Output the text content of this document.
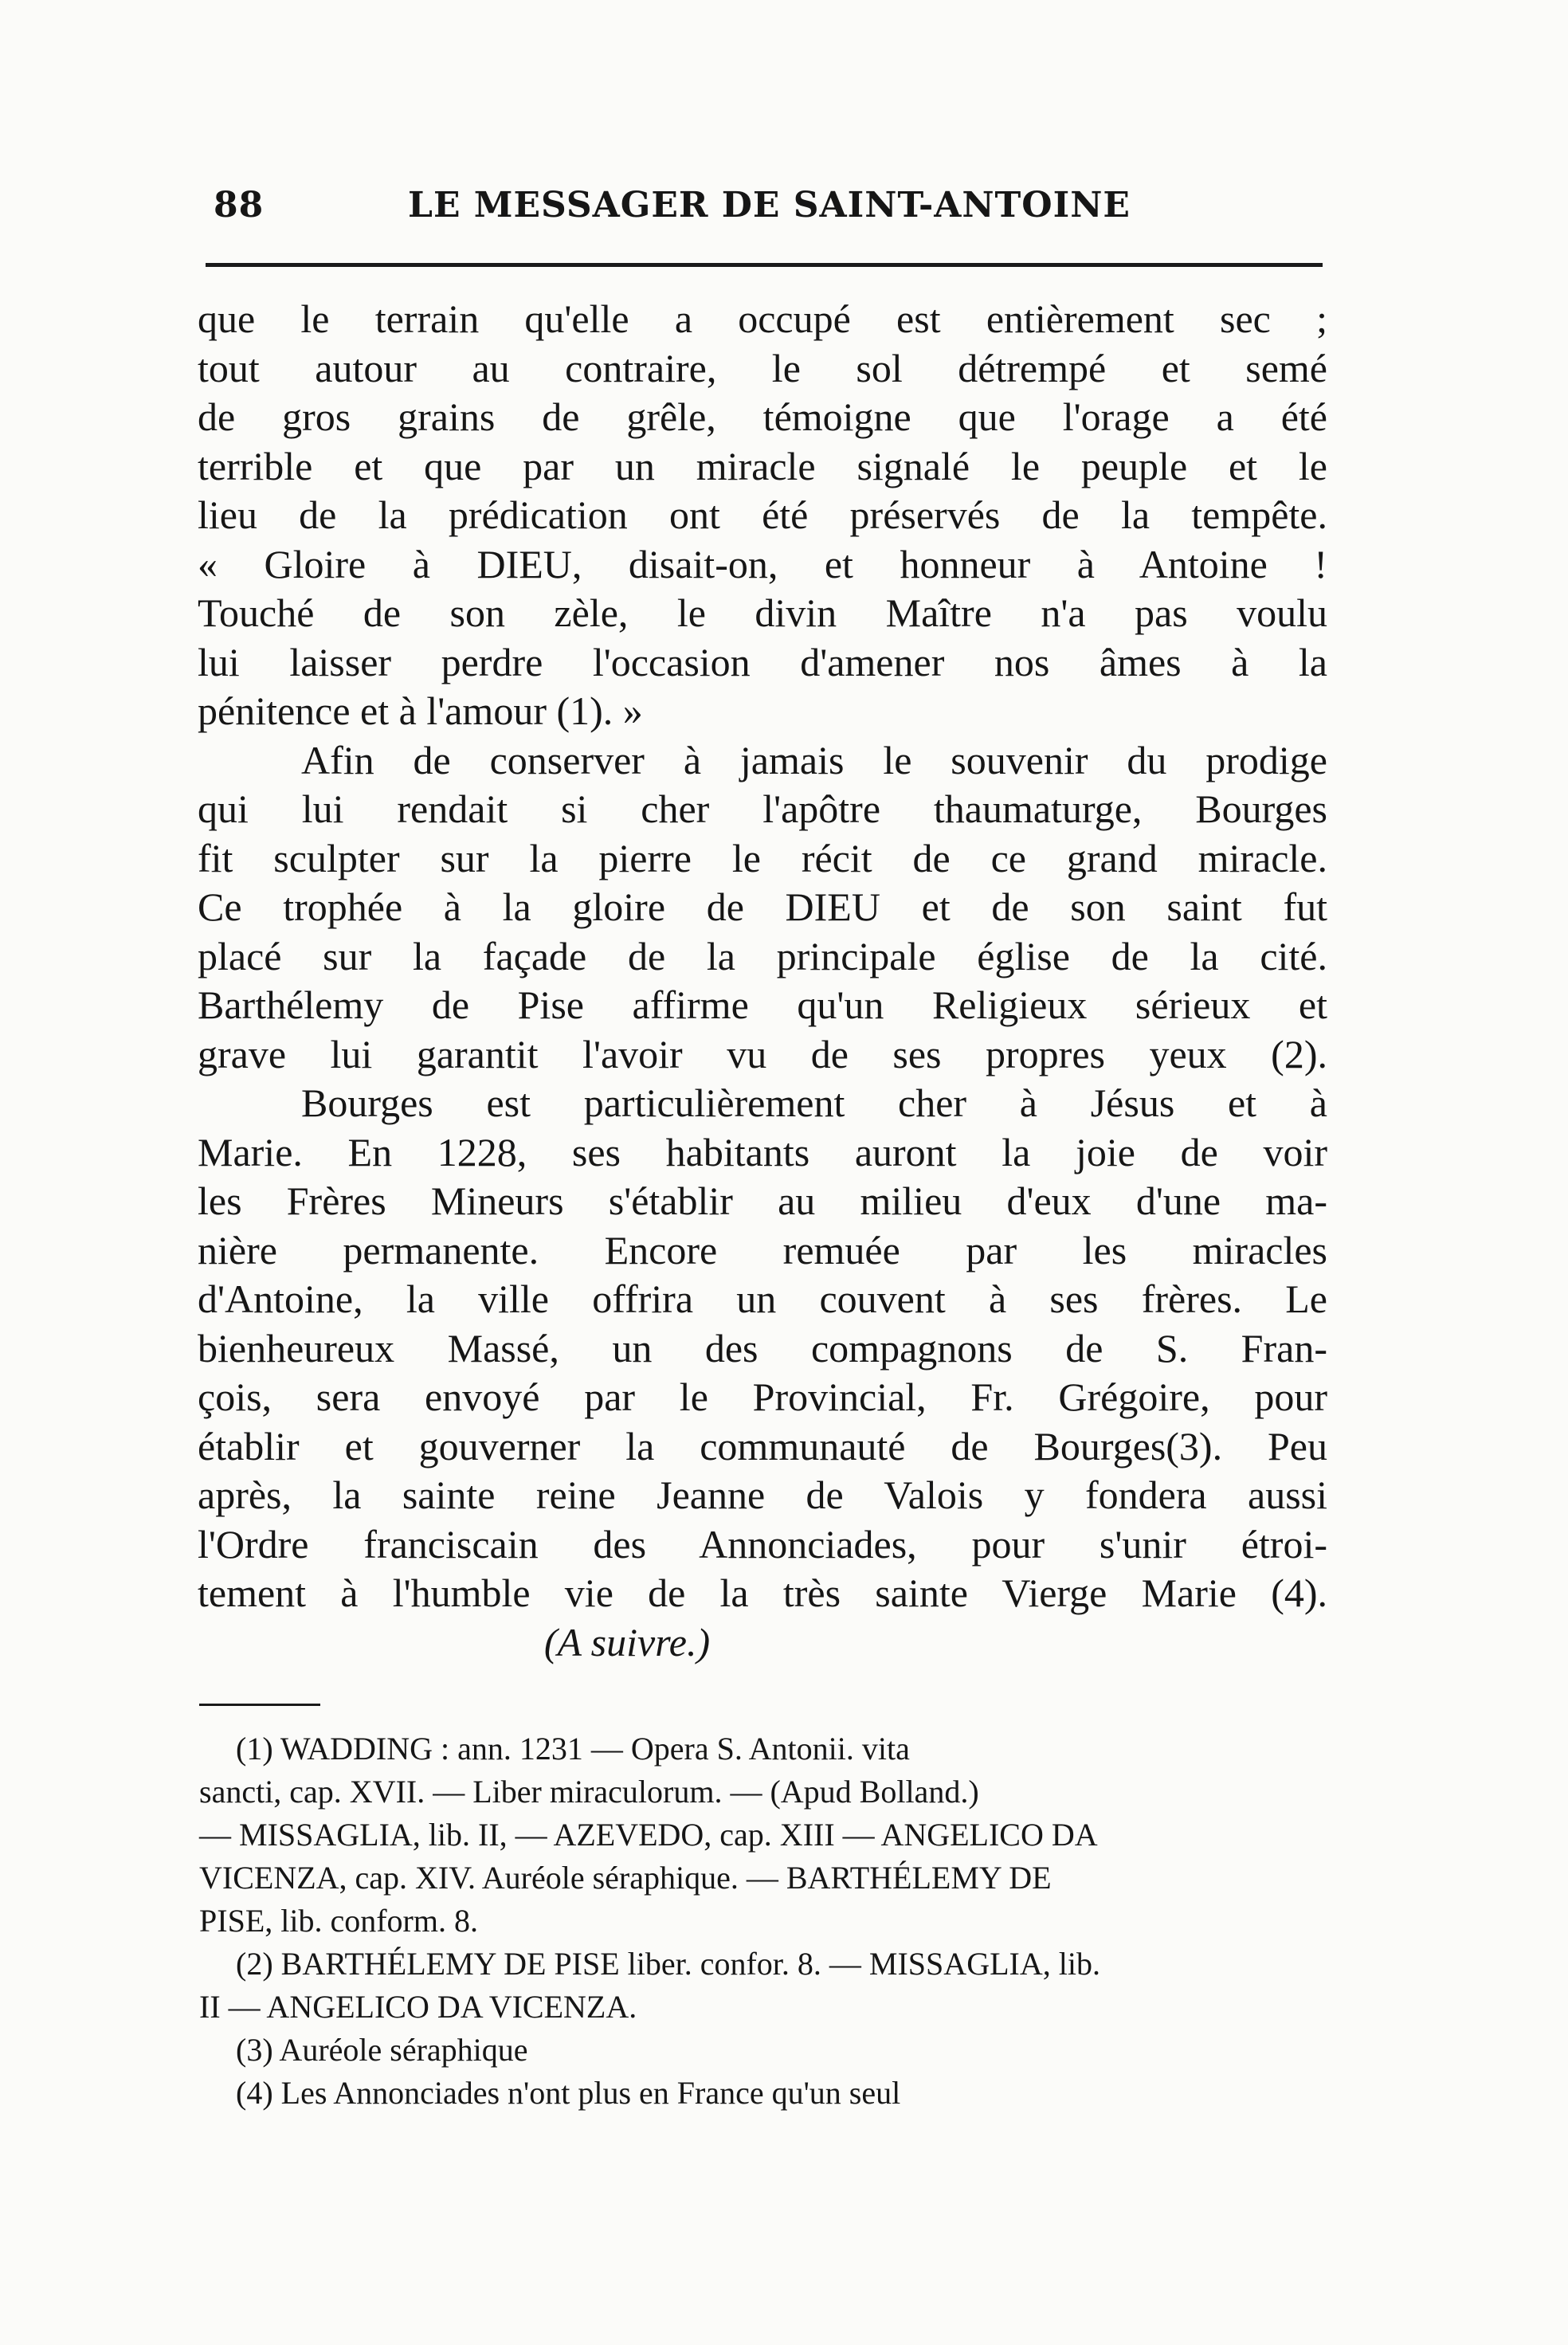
88	LE MESSAGER DE SAINT-ANTOINE
que le terrain qu'elle a occupé est entièrement sec ;
tout autour au contraire, le sol détrempé et semé
de gros grains de grêle, témoigne que l'orage a été
terrible et que par un miracle signalé le peuple et le
lieu de la prédication ont été préservés de la tempête.
« Gloire à DIEU, disait-on, et honneur à Antoine !
Touché de son zèle, le divin Maître n'a pas voulu
lui laisser perdre l'occasion d'amener nos âmes à la
pénitence et à l'amour (1). »
Afin de conserver à jamais le souvenir du prodige
qui lui rendait si cher l'apôtre thaumaturge, Bourges
fit sculpter sur la pierre le récit de ce grand miracle.
Ce trophée à la gloire de DIEU et de son saint fut
placé sur la façade de la principale église de la cité.
Barthélemy de Pise affirme qu'un Religieux sérieux et
grave lui garantit l'avoir vu de ses propres yeux (2).
Bourges est particulièrement cher à Jésus et à
Marie. En 1228, ses habitants auront la joie de voir
les Frères Mineurs s'établir au milieu d'eux d'une ma-
nière permanente. Encore remuée par les miracles
d'Antoine, la ville offrira un couvent à ses frères. Le
bienheureux Massé, un des compagnons de S. Fran-
çois, sera envoyé par le Provincial, Fr. Grégoire, pour
établir et gouverner la communauté de Bourges(3). Peu
après, la sainte reine Jeanne de Valois y fondera aussi
l'Ordre franciscain des Annonciades, pour s'unir étroi-
tement à l'humble vie de la très sainte Vierge Marie (4).
(A suivre.)
(1) WADDING : ann. 1231 — Opera S. Antonii. vita
sancti, cap. XVII. — Liber miraculorum. — (Apud Bolland.)
— MISSAGLIA, lib. II, — AZEVEDO, cap. XIII — ANGELICO DA
VICENZA, cap. XIV. Auréole séraphique. — BARTHÉLEMY DE
PISE, lib. conform. 8.
(2) BARTHÉLEMY DE PISE liber. confor. 8. — MISSAGLIA, lib.
II — ANGELICO DA VICENZA.
(3) Auréole séraphique
(4) Les Annonciades n'ont plus en France qu'un seul
